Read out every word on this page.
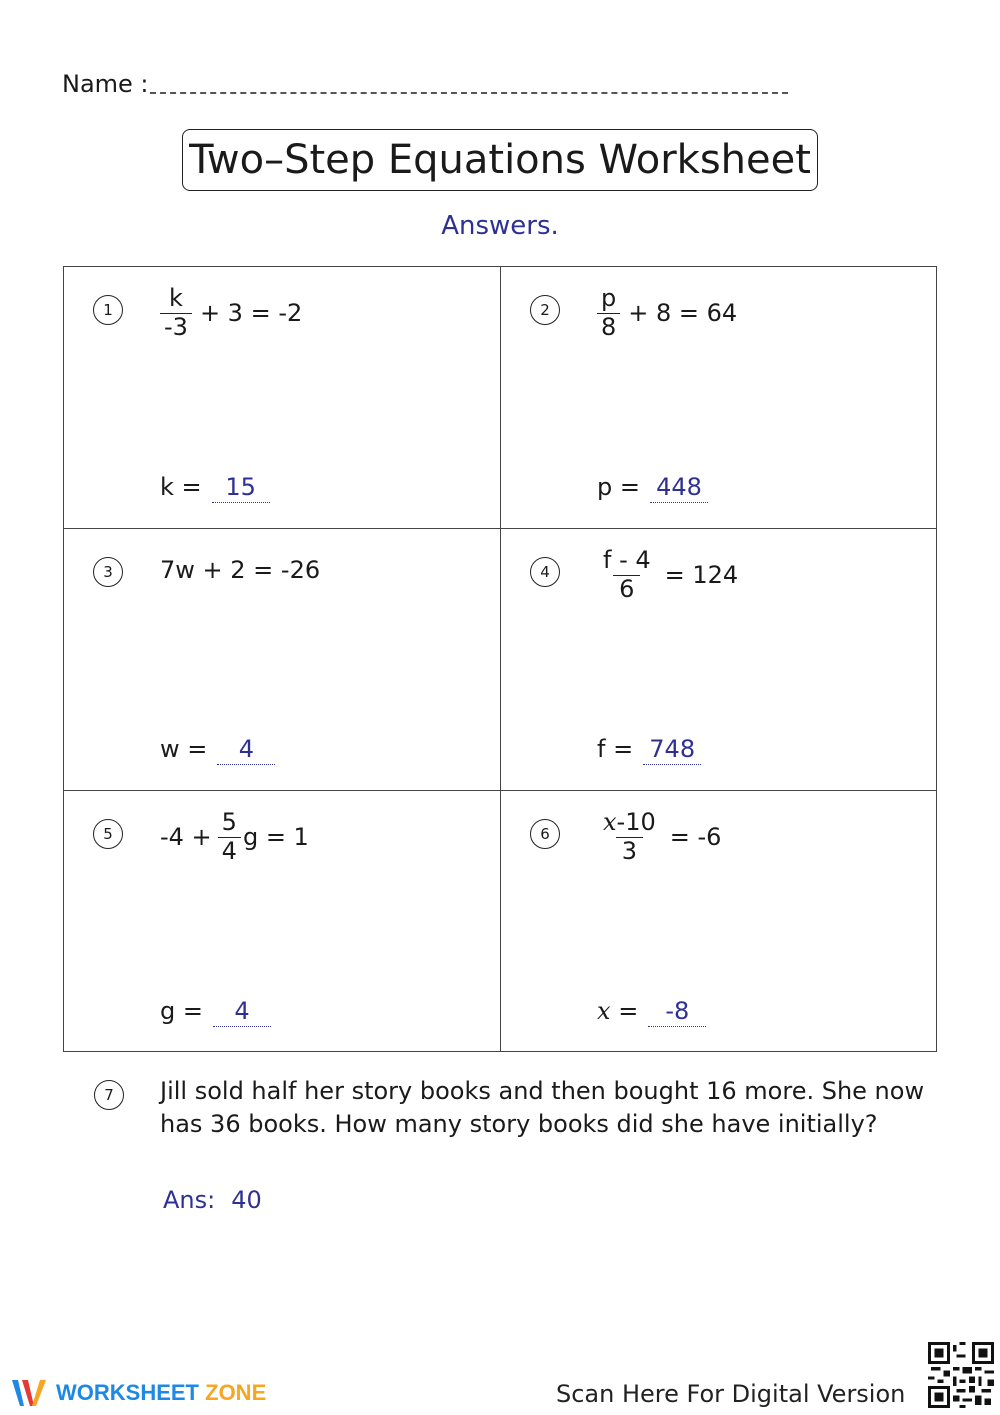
Name :
Two–Step Equations Worksheet
Answers.
1	$\frac{k}{-3} + 3 = -2$
k = 15
2	$\frac{p}{8} + 8 = 64$
p = 448
3	7w + 2 = -26
w =	4
4	$\frac{f - 4}{6} = 124$
f = 748
5	$-4 + \frac{5}{4}$ g = 1
g =	4
6	$\frac{x-10}{3} = -6$
x =	-8
7	Jill sold half her story books and then bought 16 more. She now has 36 books. How many story books did she have initially?
Ans: 40
WORKSHEET ZONE	Scan Here For Digital Version
